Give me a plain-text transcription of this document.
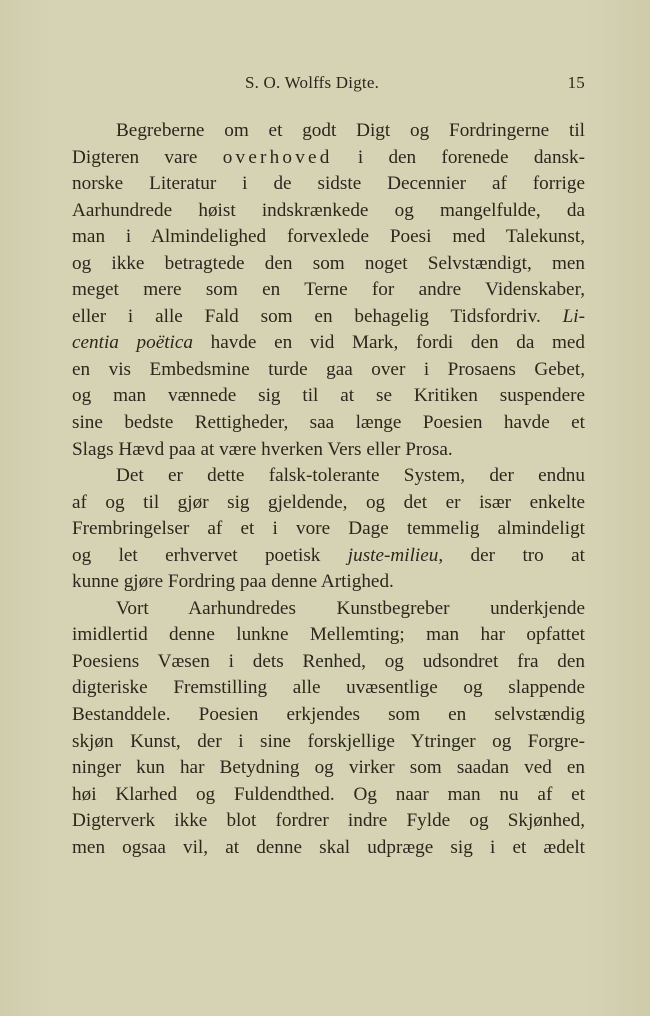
S. O. Wolffs Digte.	15
Begreberne om et godt Digt og Fordringerne til
Digteren vare overhoved i den forenede dansk-
norske Literatur i de sidste Decennier af forrige
Aarhundrede høist indskrænkede og mangelfulde, da
man i Almindelighed forvexlede Poesi med Talekunst,
og ikke betragtede den som noget Selvstændigt, men
meget mere som en Terne for andre Videnskaber,
eller i alle Fald som en behagelig Tidsfordriv. Li-
centia poëtica havde en vid Mark, fordi den da med
en vis Embedsmine turde gaa over i Prosaens Gebet,
og man vænnede sig til at se Kritiken suspendere
sine bedste Rettigheder, saa længe Poesien havde et
Slags Hævd paa at være hverken Vers eller Prosa.
Det er dette falsk-tolerante System, der endnu
af og til gjør sig gjeldende, og det er især enkelte
Frembringelser af et i vore Dage temmelig almindeligt
og let erhvervet poetisk juste-milieu, der tro at
kunne gjøre Fordring paa denne Artighed.
Vort Aarhundredes Kunstbegreber underkjende
imidlertid denne lunkne Mellemting; man har opfattet
Poesiens Væsen i dets Renhed, og udsondret fra den
digteriske Fremstilling alle uvæsentlige og slappende
Bestanddele. Poesien erkjendes som en selvstændig
skjøn Kunst, der i sine forskjellige Ytringer og Forgre-
ninger kun har Betydning og virker som saadan ved en
høi Klarhed og Fuldendthed. Og naar man nu af et
Digterverk ikke blot fordrer indre Fylde og Skjønhed,
men ogsaa vil, at denne skal udpræge sig i et ædelt
